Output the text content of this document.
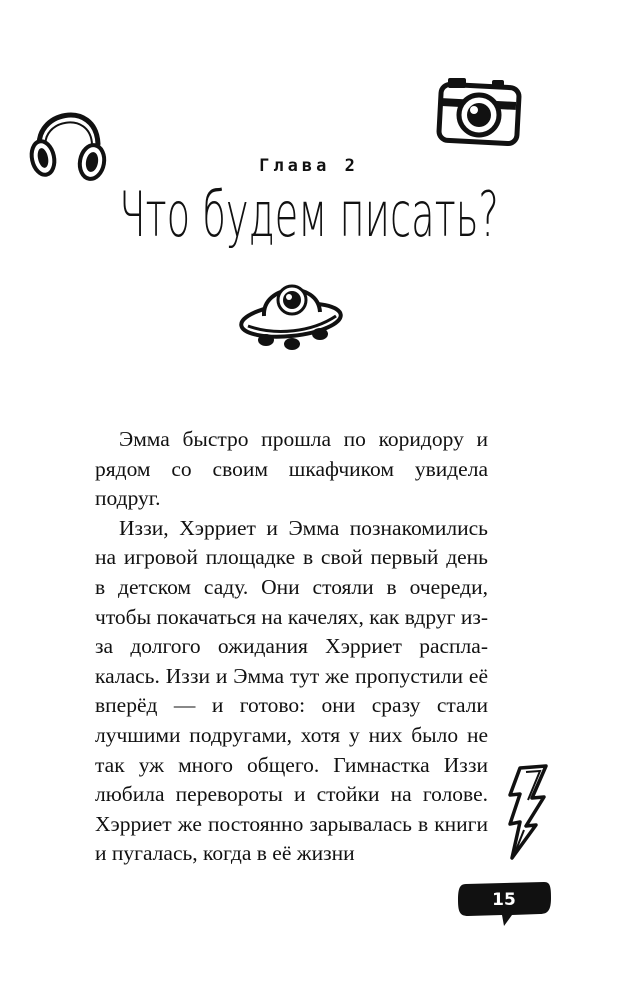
Глава 2
Что будем писать?

Эмма быстро прошла по коридору и рядом со своим шкафчиком увидела подруг.

Иззи, Хэрриет и Эмма познакомились на игровой площадке в свой первый день в детском саду. Они стояли в очереди, чтобы покачаться на качелях, как вдруг из-за долгого ожидания Хэрриет расплакалась. Иззи и Эмма тут же пропустили её вперёд — и готово: они сразу стали лучшими подругами, хотя у них было не так уж много общего. Гимнастка Иззи любила перевороты и стойки на голове. Хэрриет же постоянно зарывалась в книги и пугалась, когда в её жизни

15
